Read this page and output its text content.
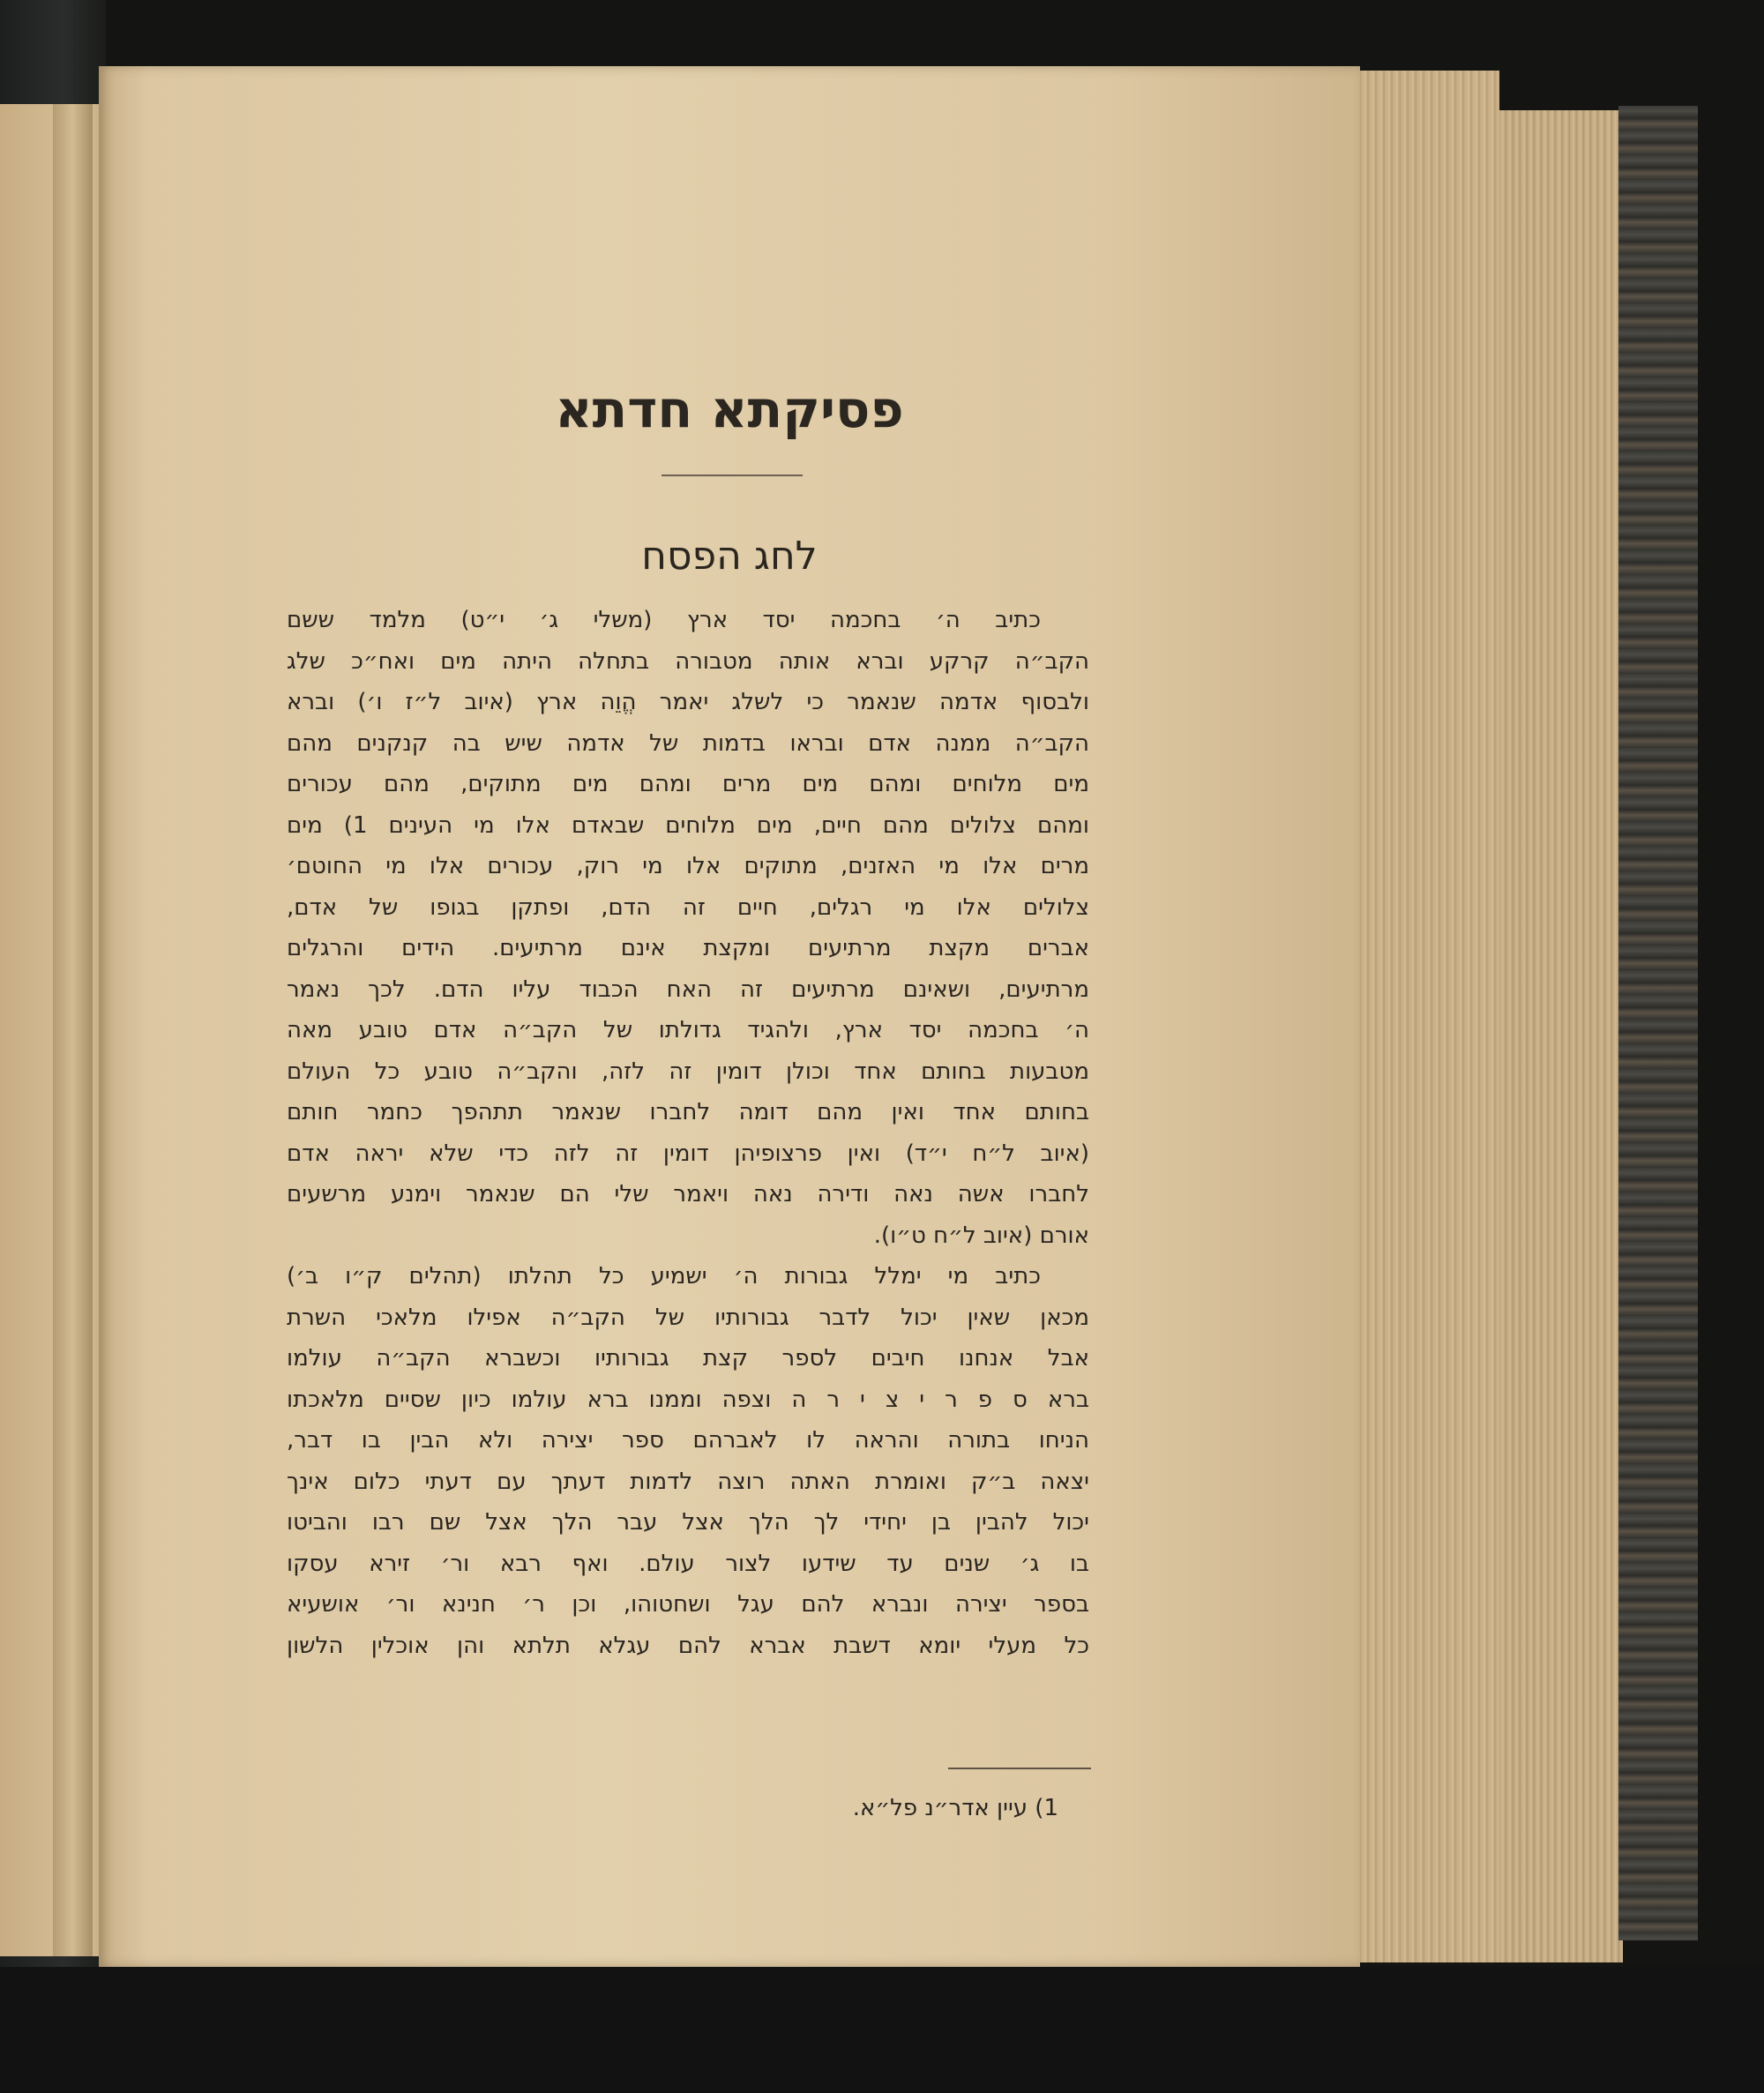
פסיקתא חדתא
לחג הפסח
כתיב ה׳ בחכמה יסד ארץ (משלי ג׳ י״ט) מלמד ששם
הקב״ה קרקע וברא אותה מטבורה בתחלה היתה מים ואח״כ שלג
ולבסוף אדמה שנאמר כי לשלג יאמר הֱוֵה ארץ (איוב ל״ז ו׳) וברא
הקב״ה ממנה אדם ובראו בדמות של אדמה שיש בה קנקנים מהם
מים מלוחים ומהם מים מרים ומהם מים מתוקים, מהם עכורים
ומהם צלולים מהם חיים, מים מלוחים שבאדם אלו מי העינים 1) מים
מרים אלו מי האזנים, מתוקים אלו מי רוק, עכורים אלו מי החוטם׳
צלולים אלו מי רגלים, חיים זה הדם, ופתקן בגופו של אדם,
אברים מקצת מרתיעים ומקצת אינם מרתיעים. הידים והרגלים
מרתיעים, ושאינם מרתיעים זה האח הכבוד עליו הדם. לכך נאמר
ה׳ בחכמה יסד ארץ, ולהגיד גדולתו של הקב״ה אדם טובע מאה
מטבעות בחותם אחד וכולן דומין זה לזה, והקב״ה טובע כל העולם
בחותם אחד ואין מהם דומה לחברו שנאמר תתהפך כחמר חותם
(איוב ל״ח י״ד) ואין פרצופיהן דומין זה לזה כדי שלא יראה אדם
לחברו אשה נאה ודירה נאה ויאמר שלי הם שנאמר וימנע מרשעים
אורם (איוב ל״ח ט״ו).
כתיב מי ימלל גבורות ה׳ ישמיע כל תהלתו (תהלים ק״ו ב׳)
מכאן שאין יכול לדבר גבורותיו של הקב״ה אפילו מלאכי השרת
אבל אנחנו חיבים לספר קצת גבורותיו וכשברא הקב״ה עולמו
ברא ס פ ר י צ י ר ה וצפה וממנו ברא עולמו כיון שסיים מלאכתו
הניחו בתורה והראה לו לאברהם ספר יצירה ולא הבין בו דבר,
יצאה ב״ק ואומרת האתה רוצה לדמות דעתך עם דעתי כלום אינך
יכול להבין בן יחידי לך הלך אצל עבר הלך אצל שם רבו והביטו
בו ג׳ שנים עד שידעו לצור עולם. ואף רבא ור׳ זירא עסקו
בספר יצירה ונברא להם עגל ושחטוהו, וכן ר׳ חנינא ור׳ אושעיא
כל מעלי יומא דשבת אברא להם עגלא תלתא והן אוכלין הלשון
1) עיין אדר״נ פל״א.
